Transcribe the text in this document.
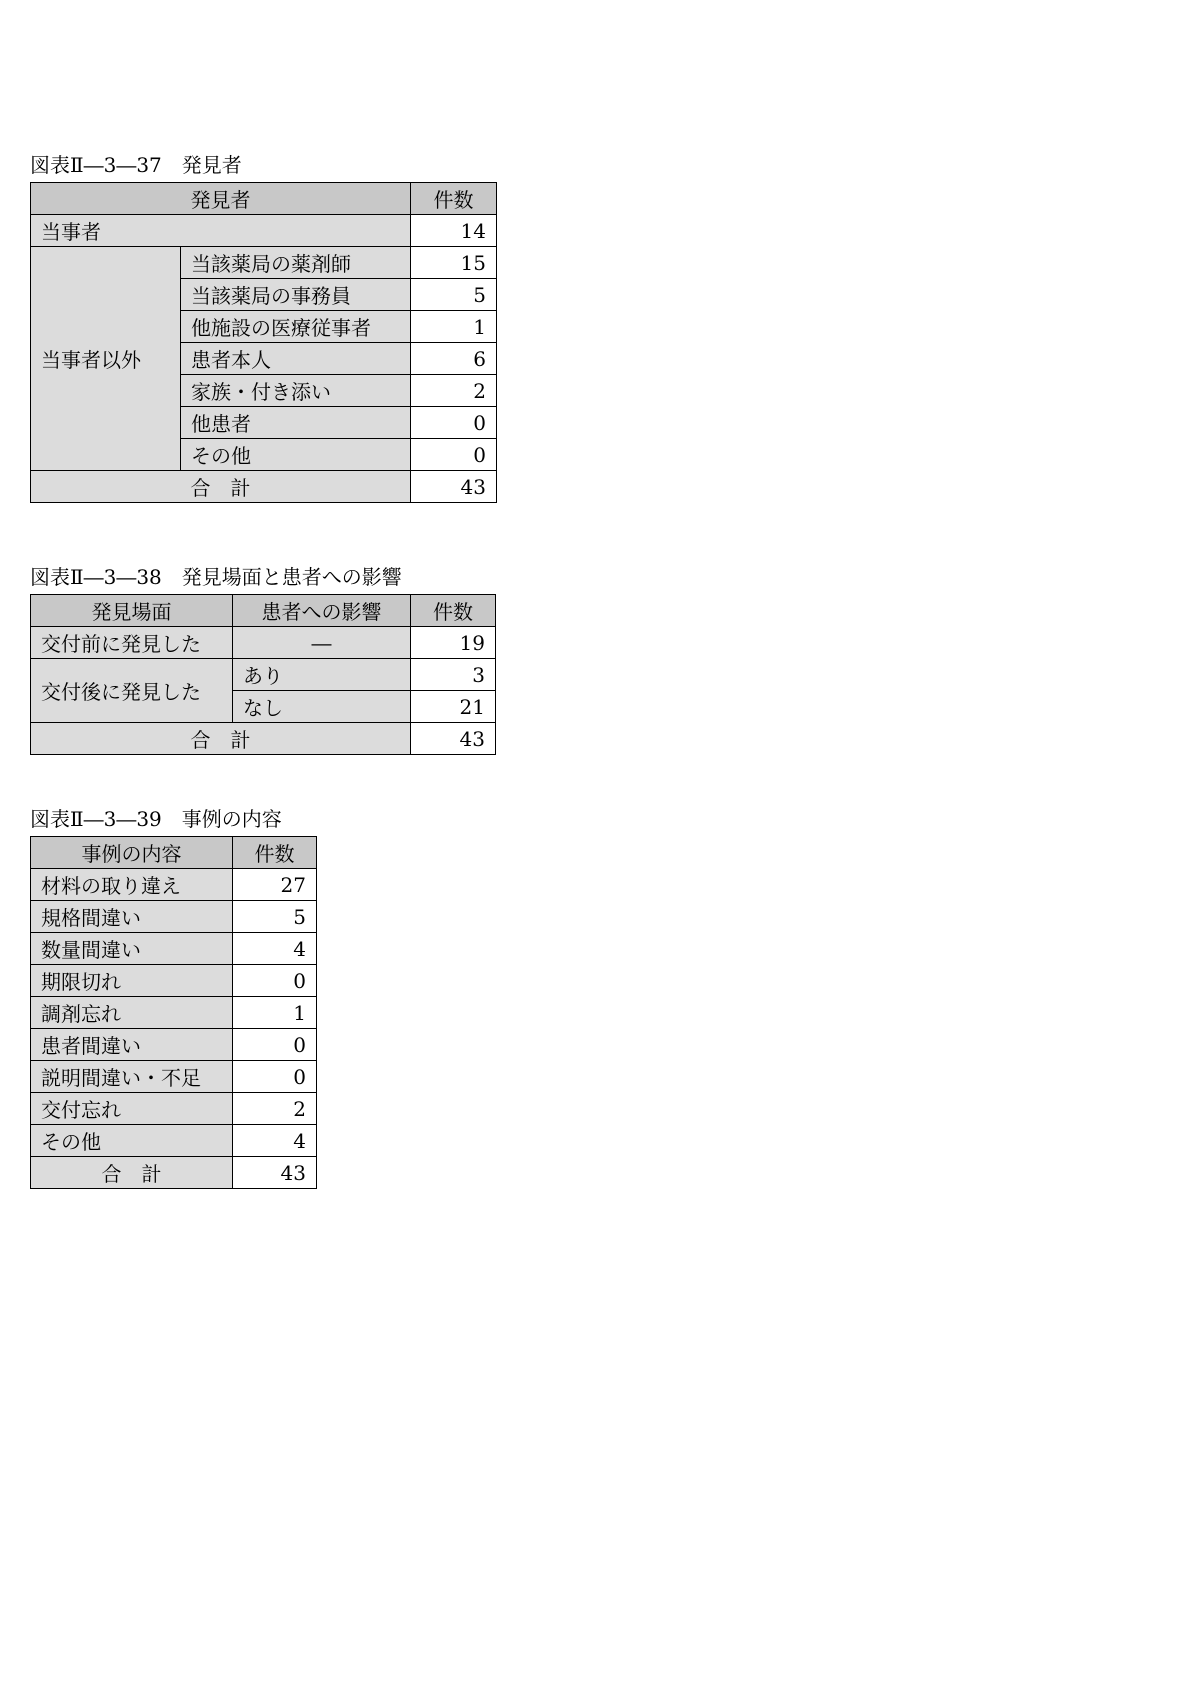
図表Ⅱ―3―37　発見者
発見者		件数
当事者		14
当事者以外	当該薬局の薬剤師	15
	当該薬局の事務員	5
	他施設の医療従事者	1
	患者本人	6
	家族・付き添い	2
	他患者	0
	その他	0
合　計		43
図表Ⅱ―3―38　発見場面と患者への影響
発見場面	患者への影響	件数
交付前に発見した	―	19
交付後に発見した	あり	3
	なし	21
合　計		43
図表Ⅱ―3―39　事例の内容
事例の内容	件数
材料の取り違え	27
規格間違い	5
数量間違い	4
期限切れ	0
調剤忘れ	1
患者間違い	0
説明間違い・不足	0
交付忘れ	2
その他	4
合　計	43
